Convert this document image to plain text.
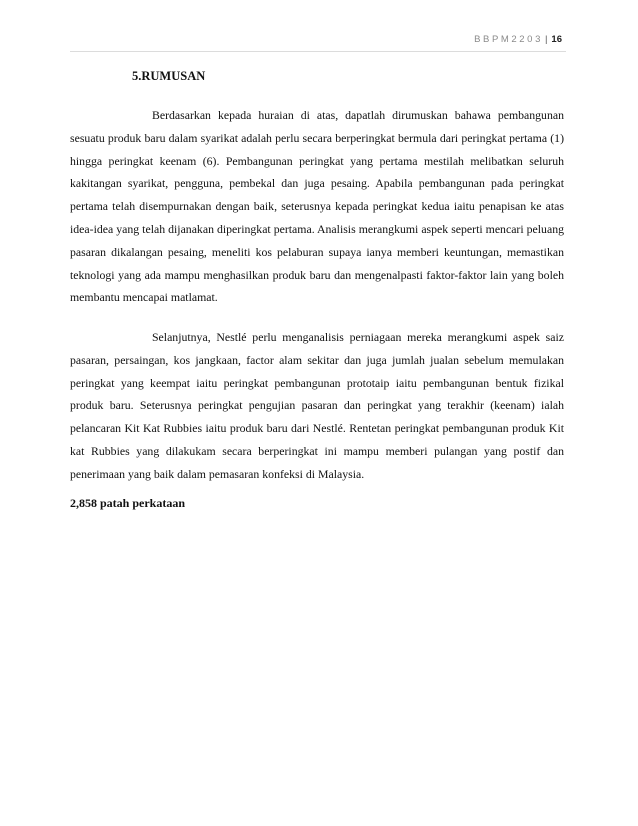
BBPM2203 | 16
5.RUMUSAN

Berdasarkan kepada huraian di atas, dapatlah dirumuskan bahawa pembangunan sesuatu produk baru dalam syarikat adalah perlu secara berperingkat bermula dari peringkat pertama (1) hingga peringkat keenam (6). Pembangunan peringkat yang pertama mestilah melibatkan seluruh kakitangan syarikat, pengguna, pembekal dan juga pesaing. Apabila pembangunan pada peringkat pertama telah disempurnakan dengan baik, seterusnya kepada peringkat kedua iaitu penapisan ke atas idea-idea yang telah dijanakan diperingkat pertama. Analisis merangkumi aspek seperti mencari peluang pasaran dikalangan pesaing, meneliti kos pelaburan supaya ianya memberi keuntungan, memastikan teknologi yang ada mampu menghasilkan produk baru dan mengenalpasti faktor-faktor lain yang boleh membantu mencapai matlamat.

Selanjutnya, Nestlé perlu menganalisis perniagaan mereka merangkumi aspek saiz pasaran, persaingan, kos jangkaan, factor alam sekitar dan juga jumlah jualan sebelum memulakan peringkat yang keempat iaitu peringkat pembangunan prototaip iaitu pembangunan bentuk fizikal produk baru. Seterusnya peringkat pengujian pasaran dan peringkat yang terakhir (keenam) ialah pelancaran Kit Kat Rubbies iaitu produk baru dari Nestlé. Rentetan peringkat pembangunan produk Kit kat Rubbies yang dilakukam secara berperingkat ini mampu memberi pulangan yang postif dan penerimaan yang baik dalam pemasaran konfeksi di Malaysia.

2,858 patah perkataan
